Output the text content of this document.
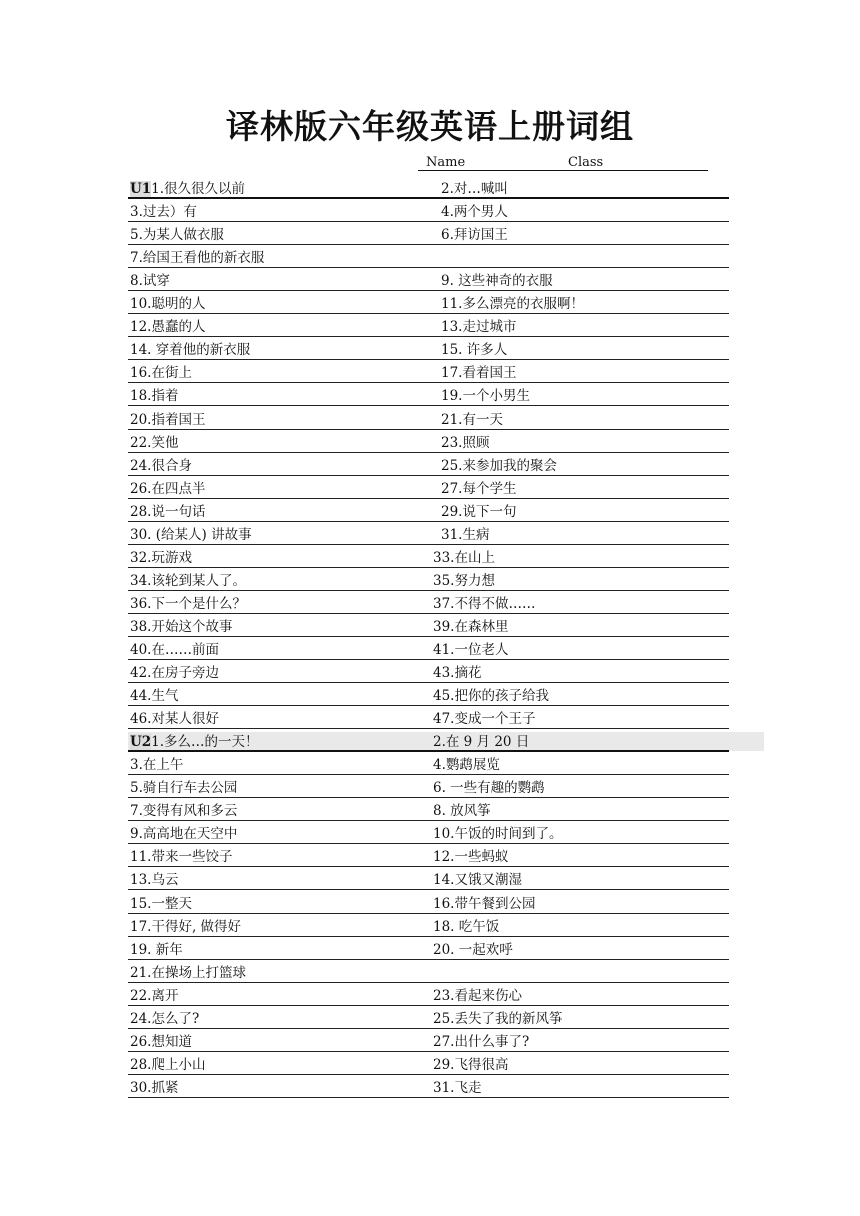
译林版六年级英语上册词组
Name	Class
U11.很久很久以前	2.对…喊叫
3.过去）有	4.两个男人
5.为某人做衣服	6.拜访国王
7.给国王看他的新衣服
8.试穿	9. 这些神奇的衣服
10.聪明的人	11.多么漂亮的衣服啊！
12.愚蠢的人	13.走过城市
14. 穿着他的新衣服	15. 许多人
16.在街上	17.看着国王
18.指着	19.一个小男生
20.指着国王	21.有一天
22.笑他	23.照顾
24.很合身	25.来参加我的聚会
26.在四点半	27.每个学生
28.说一句话	29.说下一句
30. (给某人) 讲故事	31.生病
32.玩游戏	33.在山上
34.该轮到某人了。	35.努力想
36.下一个是什么？	37.不得不做……
38.开始这个故事	39.在森林里
40.在……前面	41.一位老人
42.在房子旁边	43.摘花
44.生气	45.把你的孩子给我
46.对某人很好	47.变成一个王子
U21.多么…的一天！	2.在 9 月 20 日
3.在上午	4.鹦鹉展览
5.骑自行车去公园	6. 一些有趣的鹦鹉
7.变得有风和多云	8. 放风筝
9.高高地在天空中	10.午饭的时间到了。
11.带来一些饺子	12.一些蚂蚁
13.乌云	14.又饿又潮湿
15.一整天	16.带午餐到公园
17.干得好, 做得好	18. 吃午饭
19. 新年	20. 一起欢呼
21.在操场上打篮球
22.离开	23.看起来伤心
24.怎么了?	25.丢失了我的新风筝
26.想知道	27.出什么事了?
28.爬上小山	29.飞得很高
30.抓紧	31.飞走
